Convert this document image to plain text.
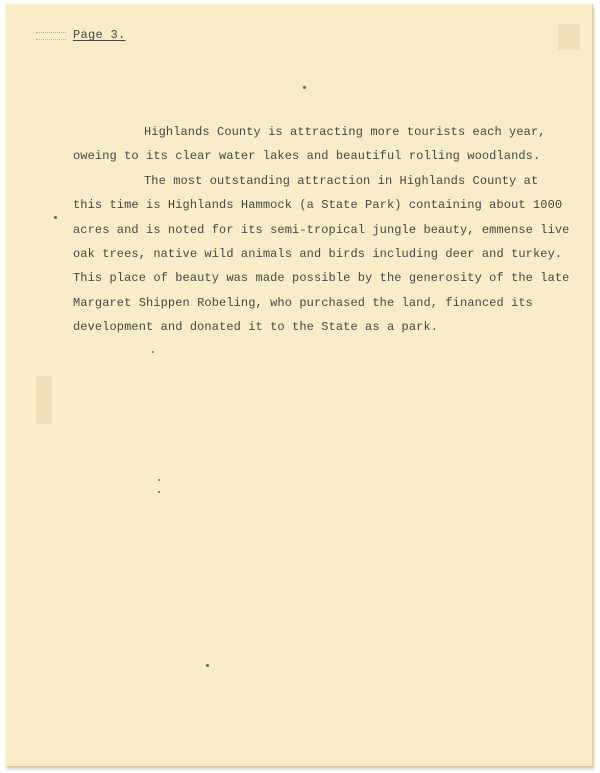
Page 3.

Highlands County is attracting more tourists each year,
oweing to its clear water lakes and beautiful rolling woodlands.

The most outstanding attraction in Highlands County at
this time is Highlands Hammock (a State Park) containing about 1000
acres and is noted for its semi-tropical jungle beauty, emmense live
oak trees, native wild animals and birds including deer and turkey.
This place of beauty was made possible by the generosity of the late
Margaret Shippen Robeling, who purchased the land, financed its
development and donated it to the State as a park.
